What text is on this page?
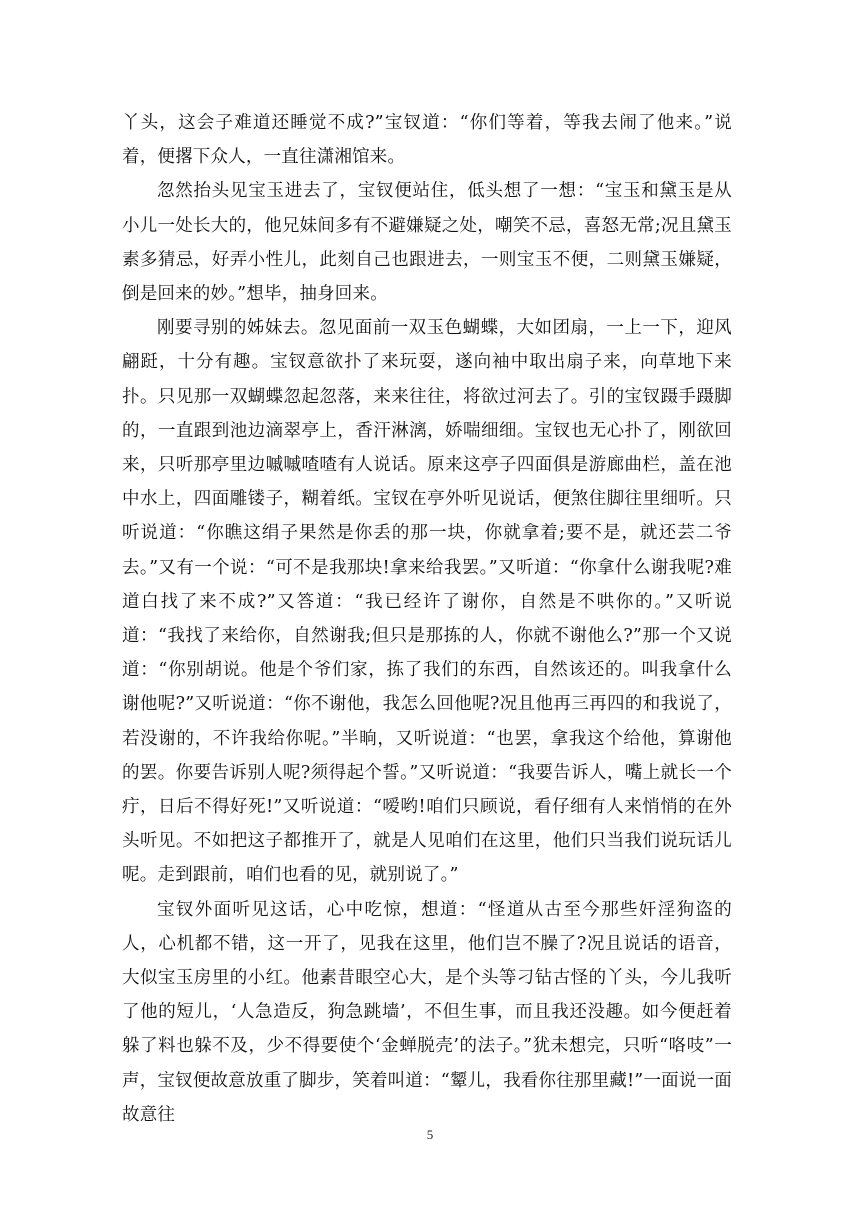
丫头，这会子难道还睡觉不成?”宝钗道：“你们等着，等我去闹了他来。”说着，便撂下众人，一直往潇湘馆来。

忽然抬头见宝玉进去了，宝钗便站住，低头想了一想：“宝玉和黛玉是从小儿一处长大的，他兄妹间多有不避嫌疑之处，嘲笑不忌，喜怒无常;况且黛玉素多猜忌，好弄小性儿，此刻自己也跟进去，一则宝玉不便，二则黛玉嫌疑，倒是回来的妙。”想毕，抽身回来。

刚要寻别的姊妹去。忽见面前一双玉色蝴蝶，大如团扇，一上一下，迎风翩跹，十分有趣。宝钗意欲扑了来玩耍，遂向袖中取出扇子来，向草地下来扑。只见那一双蝴蝶忽起忽落，来来往往，将欲过河去了。引的宝钗蹑手蹑脚的，一直跟到池边滴翠亭上，香汗淋漓，娇喘细细。宝钗也无心扑了，刚欲回来，只听那亭里边嘁嘁喳喳有人说话。原来这亭子四面俱是游廊曲栏，盖在池中水上，四面雕镂子，糊着纸。宝钗在亭外听见说话，便煞住脚往里细听。只听说道：“你瞧这绢子果然是你丢的那一块，你就拿着;要不是，就还芸二爷去。”又有一个说：“可不是我那块!拿来给我罢。”又听道：“你拿什么谢我呢?难道白找了来不成?”又答道：“我已经许了谢你，自然是不哄你的。”又听说道：“我找了来给你，自然谢我;但只是那拣的人，你就不谢他么?”那一个又说道：“你别胡说。他是个爷们家，拣了我们的东西，自然该还的。叫我拿什么谢他呢?”又听说道：“你不谢他，我怎么回他呢?况且他再三再四的和我说了，若没谢的，不许我给你呢。”半晌，又听说道：“也罢，拿我这个给他，算谢他的罢。你要告诉别人呢?须得起个誓。”又听说道：“我要告诉人，嘴上就长一个疔，日后不得好死!”又听说道：“嗳哟!咱们只顾说，看仔细有人来悄悄的在外头听见。不如把这子都推开了，就是人见咱们在这里，他们只当我们说玩话儿呢。走到跟前，咱们也看的见，就别说了。”

宝钗外面听见这话，心中吃惊，想道：“怪道从古至今那些奸淫狗盗的人，心机都不错，这一开了，见我在这里，他们岂不臊了?况且说话的语音，大似宝玉房里的小红。他素昔眼空心大，是个头等刁钻古怪的丫头，今儿我听了他的短儿，‘人急造反，狗急跳墙’，不但生事，而且我还没趣。如今便赶着躲了料也躲不及，少不得要使个‘金蝉脱壳’的法子。”犹未想完，只听“咯吱”一声，宝钗便故意放重了脚步，笑着叫道：“颦儿，我看你往那里藏!”一面说一面故意往

5
